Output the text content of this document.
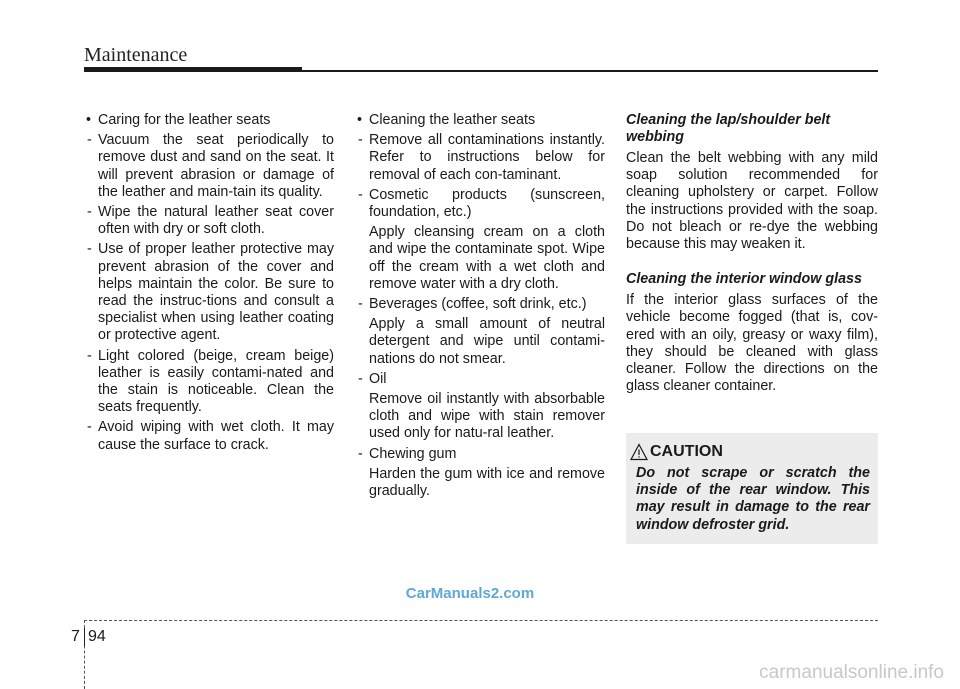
Maintenance
• Caring for the leather seats
- Vacuum the seat periodically to remove dust and sand on the seat. It will prevent abrasion or damage of the leather and main-tain its quality.
- Wipe the natural leather seat cover often with dry or soft cloth.
- Use of proper leather protective may prevent abrasion of the cover and helps maintain the color. Be sure to read the instruc-tions and consult a specialist when using leather coating or protective agent.
- Light colored (beige, cream beige) leather is easily contami-nated and the stain is noticeable. Clean the seats frequently.
- Avoid wiping with wet cloth. It may cause the surface to crack.
• Cleaning the leather seats
- Remove all contaminations instantly. Refer to instructions below for removal of each con-taminant.
- Cosmetic products (sunscreen, foundation, etc.)
Apply cleansing cream on a cloth and wipe the contaminate spot. Wipe off the cream with a wet cloth and remove water with a dry cloth.
- Beverages (coffee, soft drink, etc.)
Apply a small amount of neutral detergent and wipe until contami-nations do not smear.
- Oil
Remove oil instantly with absorbable cloth and wipe with stain remover used only for natu-ral leather.
- Chewing gum
Harden the gum with ice and remove gradually.
Cleaning the lap/shoulder belt webbing
Clean the belt webbing with any mild soap solution recommended for cleaning upholstery or carpet. Follow the instructions provided with the soap. Do not bleach or re-dye the webbing because this may weaken it.
Cleaning the interior window glass
If the interior glass surfaces of the vehicle become fogged (that is, cov-ered with an oily, greasy or waxy film), they should be cleaned with glass cleaner. Follow the directions on the glass cleaner container.
CAUTION
Do not scrape or scratch the inside of the rear window. This may result in damage to the rear window defroster grid.
CarManuals2.com
7 94
carmanualsonline.info
